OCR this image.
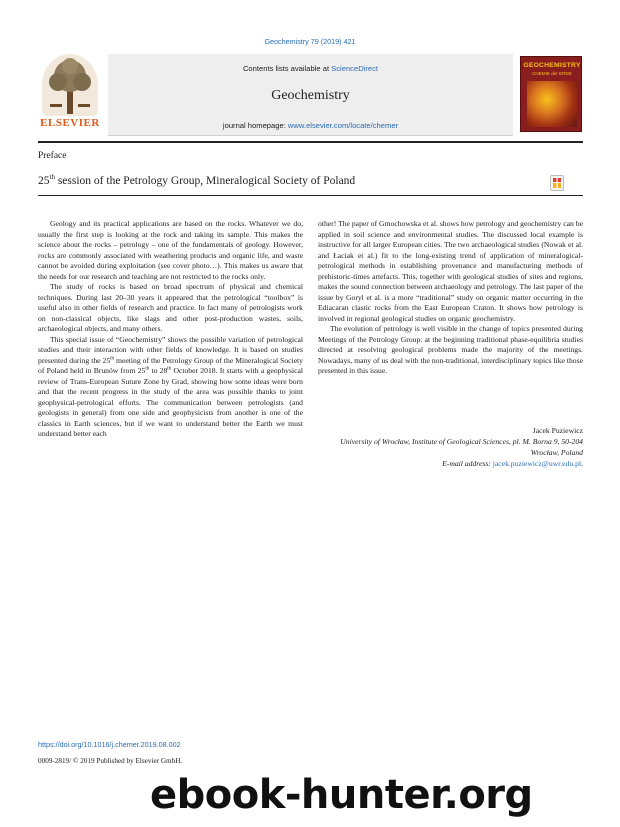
Geochemistry 79 (2019) 421
ELSEVIER
Contents lists available at ScienceDirect
Geochemistry
journal homepage: www.elsevier.com/locate/chemer
GEOCHEMISTRY
CHEMIE der ERDE
Preface
25th session of the Petrology Group, Mineralogical Society of Poland

Geology and its practical applications are based on the rocks. Whatever we do, usually the first step is looking at the rock and taking its sample. This makes the science about the rocks – petrology – one of the fundamentals of geology. However, rocks are commonly associated with weathering products and organic life, and waste cannot be avoided during exploitation (see cover photo…). This makes us aware that the needs for our research and teaching are not restricted to the rocks only.

The study of rocks is based on broad spectrum of physical and chemical techniques. During last 20–30 years it appeared that the petrological “toolbox” is useful also in other fields of research and practice. In fact many of petrologists work on non-classical objects, like slags and other post-production wastes, soils, archaeological objects, and many others.

This special issue of “Geochemistry” shows the possible variation of petrological studies and their interaction with other fields of knowledge. It is based on studies presented during the 25th meeting of the Petrology Group of the Mineralogical Society of Poland held in Brunów from 25th to 28th October 2018. It starts with a geophysical review of Trans-European Suture Zone by Grad, showing how some ideas were born and that the recent progress in the study of the area was possible thanks to joint geophysical-petrological efforts. The communication between petrologists (and geologists in general) from one side and geophysicists from another is one of the classics in Earth sciences, but if we want to understand better the Earth we must understand better each

other! The paper of Gmochowska et al. shows how petrology and geochemistry can be applied in soil science and environmental studies. The discussed local example is instructive for all larger European cities. The two archaeological studies (Nowak et al. and Łaciak et al.) fit to the long-existing trend of application of mineralogical-petrological methods in establishing provenance and manufacturing methods of prehistoric-times artefacts. This, together with geological studies of sites and regions, makes the sound connection between archaeology and petrology. The last paper of the issue by Goryl et al. is a more “traditional” study on organic matter occurring in the Ediacaran clastic rocks from the East European Craton. It shows how petrology is involved in regional geological studies on organic geochemistry.

The evolution of petrology is well visible in the change of topics presented during Meetings of the Petrology Group: at the beginning traditional phase-equilibria studies directed at resolving geological problems made the majority of the meetings. Nowadays, many of us deal with the non-traditional, interdisciplinary topics like those presented in this issue.

Jacek Puziewicz
University of Wrocław, Institute of Geological Sciences, pl. M. Borna 9, 50-204 Wrocław, Poland
E-mail address: jacek.puziewicz@uwr.edu.pl.
https://doi.org/10.1016/j.chemer.2019.08.002
0009-2819/ © 2019 Published by Elsevier GmbH.
ebook-hunter.org
